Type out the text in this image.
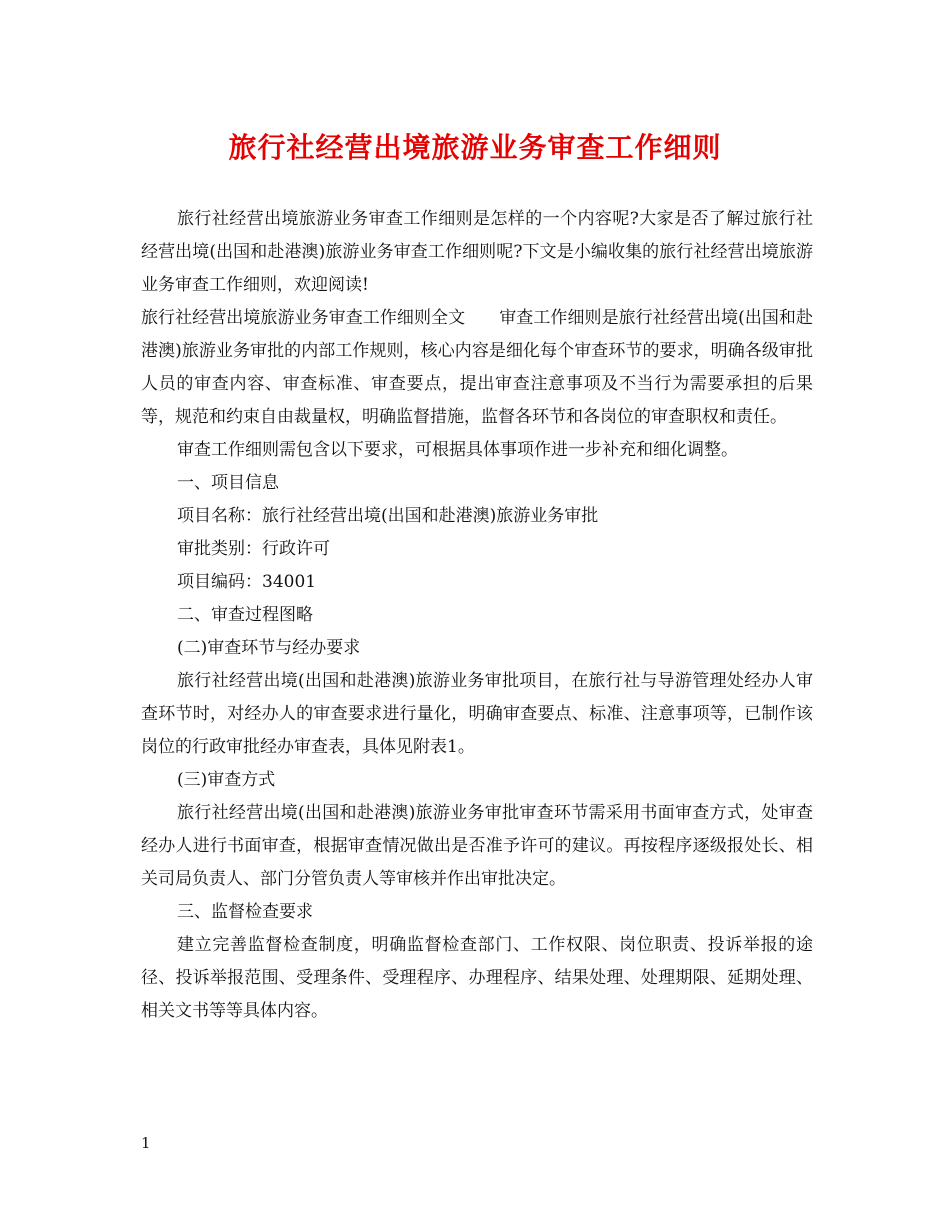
旅行社经营出境旅游业务审查工作细则

旅行社经营出境旅游业务审查工作细则是怎样的一个内容呢?大家是否了解过旅行社经营出境(出国和赴港澳)旅游业务审查工作细则呢?下文是小编收集的旅行社经营出境旅游业务审查工作细则，欢迎阅读!

旅行社经营出境旅游业务审查工作细则全文 审查工作细则是旅行社经营出境(出国和赴港澳)旅游业务审批的内部工作规则，核心内容是细化每个审查环节的要求，明确各级审批人员的审查内容、审查标准、审查要点，提出审查注意事项及不当行为需要承担的后果等，规范和约束自由裁量权，明确监督措施，监督各环节和各岗位的审查职权和责任。

审查工作细则需包含以下要求，可根据具体事项作进一步补充和细化调整。

一、项目信息

项目名称：旅行社经营出境(出国和赴港澳)旅游业务审批

审批类别：行政许可

项目编码：34001

二、审查过程图略

(二)审查环节与经办要求

旅行社经营出境(出国和赴港澳)旅游业务审批项目，在旅行社与导游管理处经办人审查环节时，对经办人的审查要求进行量化，明确审查要点、标准、注意事项等，已制作该岗位的行政审批经办审查表，具体见附表1。

(三)审查方式

旅行社经营出境(出国和赴港澳)旅游业务审批审查环节需采用书面审查方式，处审查经办人进行书面审查，根据审查情况做出是否准予许可的建议。再按程序逐级报处长、相关司局负责人、部门分管负责人等审核并作出审批决定。

三、监督检查要求

建立完善监督检查制度，明确监督检查部门、工作权限、岗位职责、投诉举报的途径、投诉举报范围、受理条件、受理程序、办理程序、结果处理、处理期限、延期处理、相关文书等等具体内容。

1
